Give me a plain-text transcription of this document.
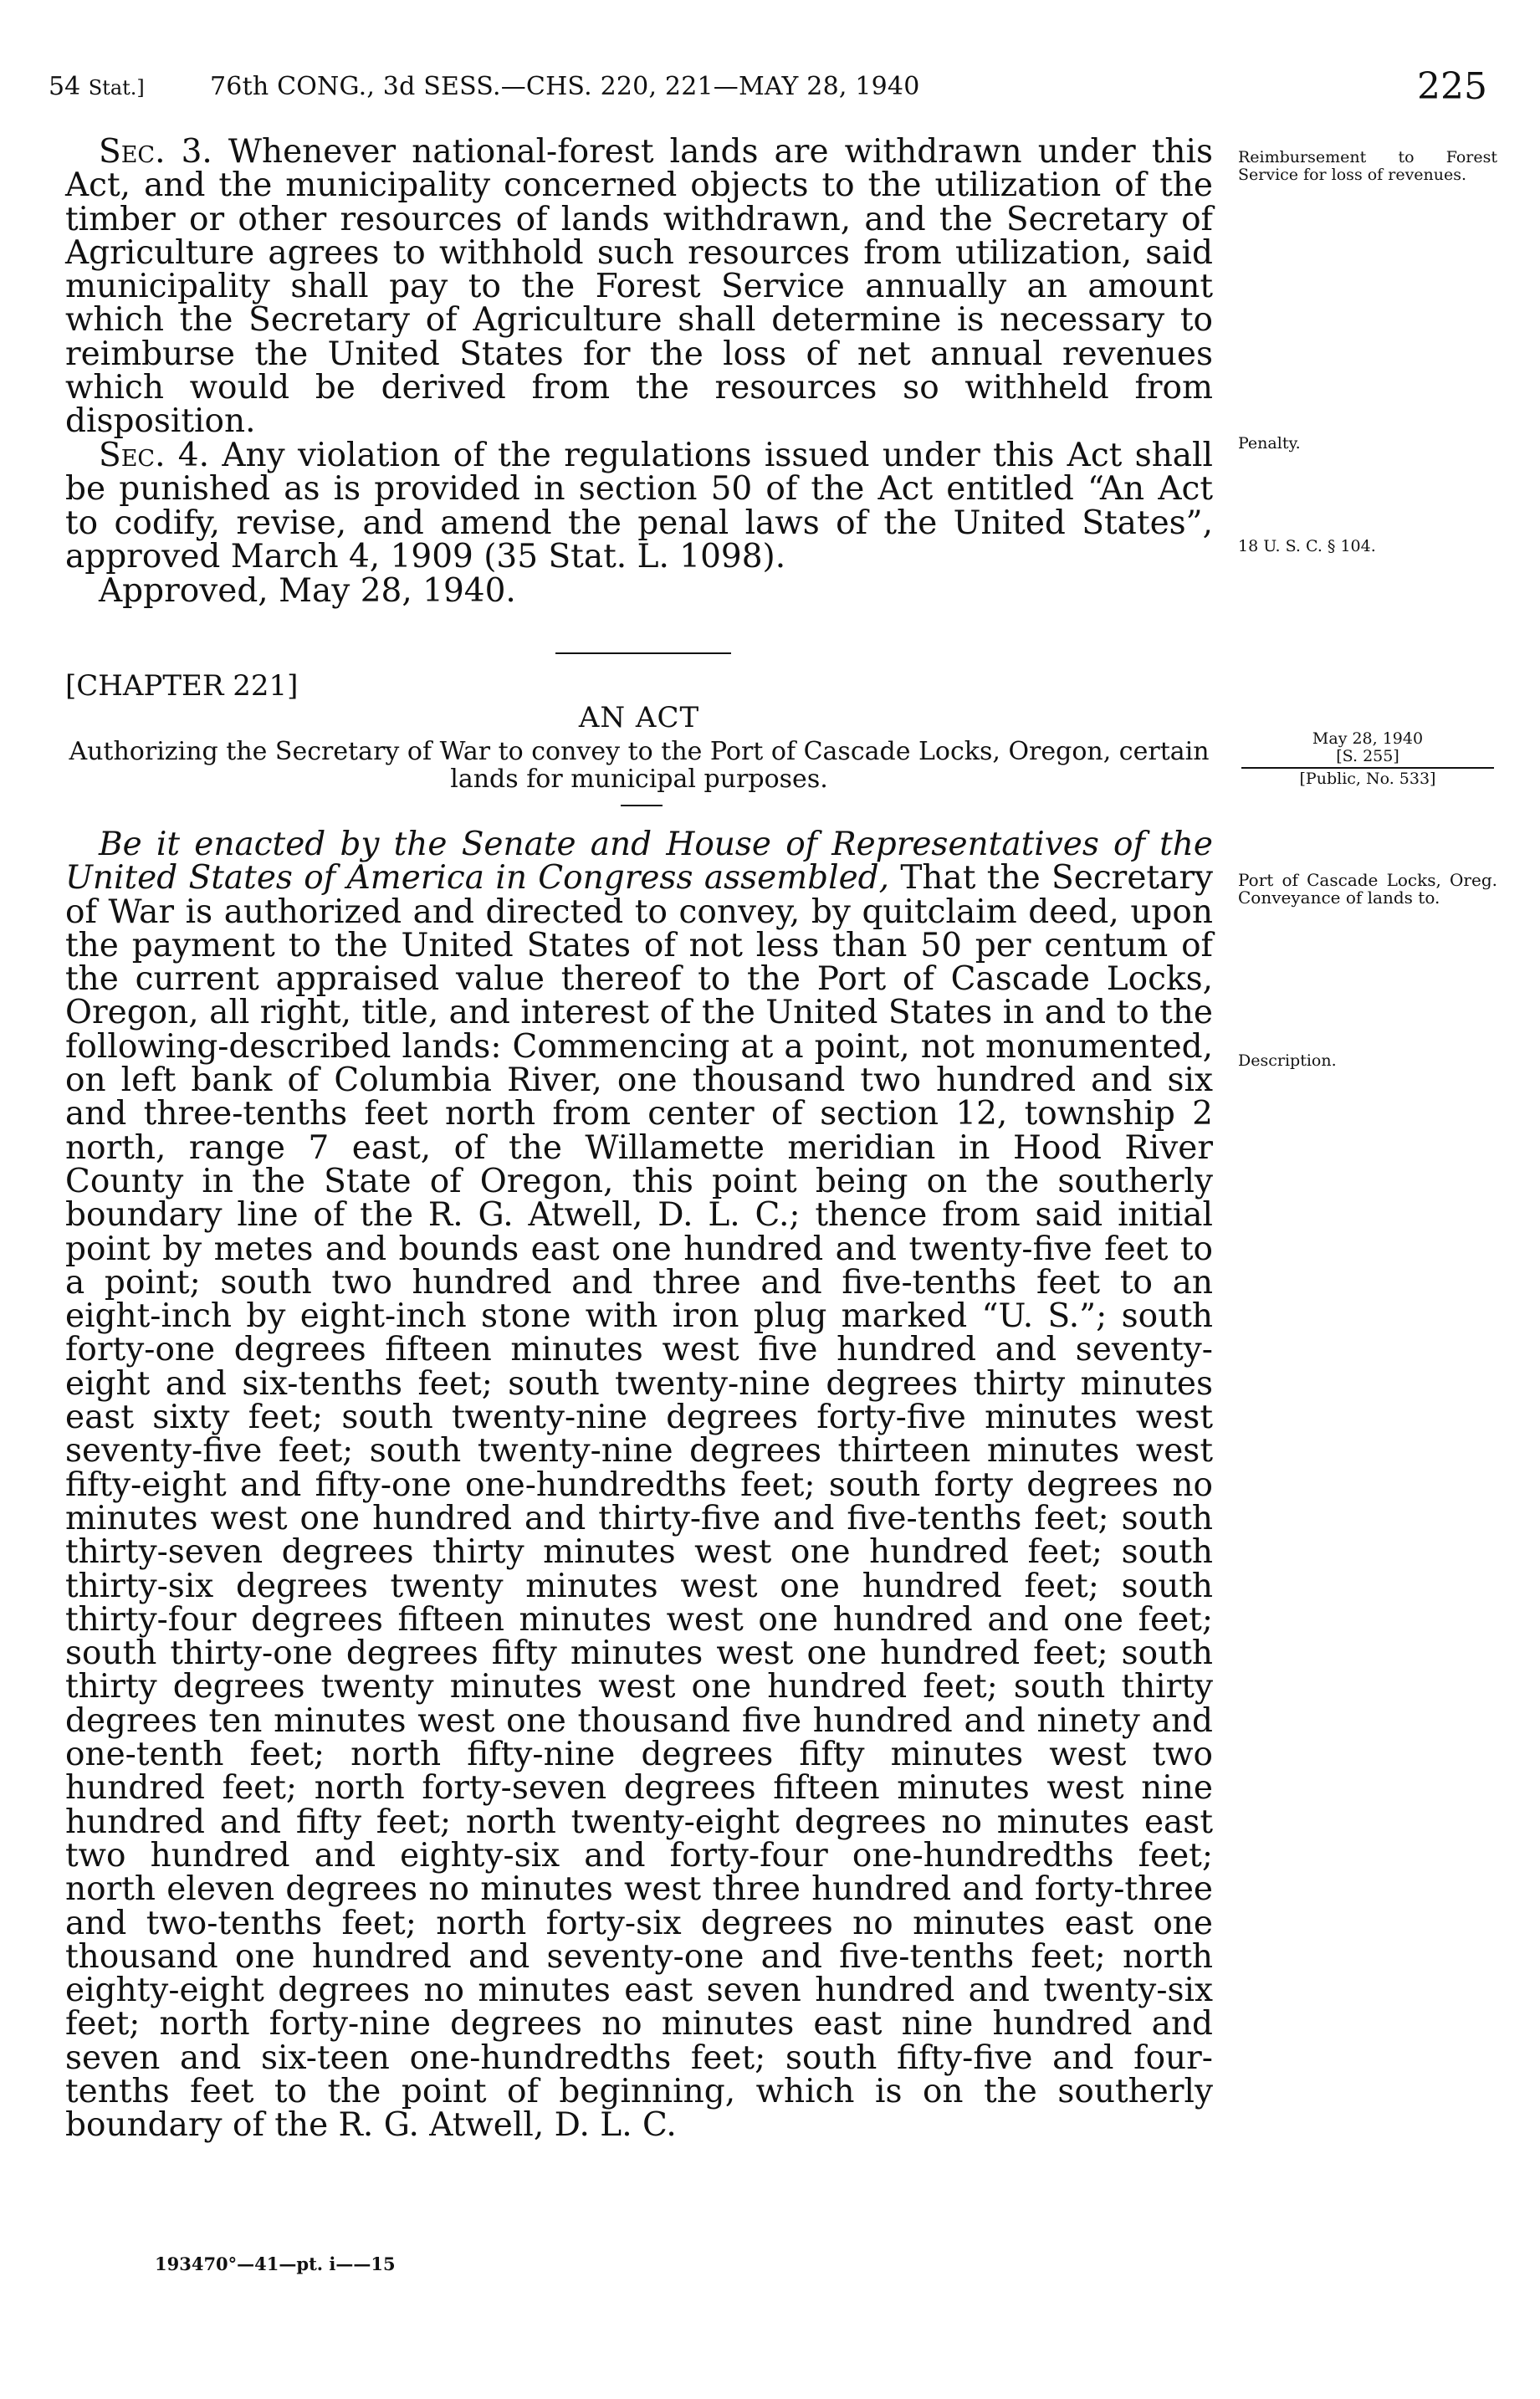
54 Stat.]	76th CONG., 3d SESS.—CHS. 220, 221—MAY 28, 1940	225

Sec. 3. Whenever national-forest lands are withdrawn under this Act, and the municipality concerned objects to the utilization of the timber or other resources of lands withdrawn, and the Secretary of Agriculture agrees to withhold such resources from utilization, said municipality shall pay to the Forest Service annually an amount which the Secretary of Agriculture shall determine is necessary to reimburse the United States for the loss of net annual revenues which would be derived from the resources so withheld from disposition.

Sec. 4. Any violation of the regulations issued under this Act shall be punished as is provided in section 50 of the Act entitled “An Act to codify, revise, and amend the penal laws of the United States”, approved March 4, 1909 (35 Stat. L. 1098).

Approved, May 28, 1940.

[CHAPTER 221]
AN ACT
Authorizing the Secretary of War to convey to the Port of Cascade Locks, Oregon, certain lands for municipal purposes.

Be it enacted by the Senate and House of Representatives of the United States of America in Congress assembled, That the Secretary of War is authorized and directed to convey, by quitclaim deed, upon the payment to the United States of not less than 50 per centum of the current appraised value thereof to the Port of Cascade Locks, Oregon, all right, title, and interest of the United States in and to the following-described lands: Commencing at a point, not monumented, on left bank of Columbia River, one thousand two hundred and six and three-tenths feet north from center of section 12, township 2 north, range 7 east, of the Willamette meridian in Hood River County in the State of Oregon, this point being on the southerly boundary line of the R. G. Atwell, D. L. C.; thence from said initial point by metes and bounds east one hundred and twenty-five feet to a point; south two hundred and three and five-tenths feet to an eight-inch by eight-inch stone with iron plug marked “U. S.”; south forty-one degrees fifteen minutes west five hundred and seventy-eight and six-tenths feet; south twenty-nine degrees thirty minutes east sixty feet; south twenty-nine degrees forty-five minutes west seventy-five feet; south twenty-nine degrees thirteen minutes west fifty-eight and fifty-one one-hundredths feet; south forty degrees no minutes west one hundred and thirty-five and five-tenths feet; south thirty-seven degrees thirty minutes west one hundred feet; south thirty-six degrees twenty minutes west one hundred feet; south thirty-four degrees fifteen minutes west one hundred and one feet; south thirty-one degrees fifty minutes west one hundred feet; south thirty degrees twenty minutes west one hundred feet; south thirty degrees ten minutes west one thousand five hundred and ninety and one-tenth feet; north fifty-nine degrees fifty minutes west two hundred feet; north forty-seven degrees fifteen minutes west nine hundred and fifty feet; north twenty-eight degrees no minutes east two hundred and eighty-six and forty-four one-hundredths feet; north eleven degrees no minutes west three hundred and forty-three and two-tenths feet; north forty-six degrees no minutes east one thousand one hundred and seventy-one and five-tenths feet; north eighty-eight degrees no minutes east seven hundred and twenty-six feet; north forty-nine degrees no minutes east nine hundred and seven and six-teen one-hundredths feet; south fifty-five and four-tenths feet to the point of beginning, which is on the southerly boundary of the R. G. Atwell, D. L. C.

Reimbursement to Forest Service for loss of revenues.
Penalty.
18 U. S. C. § 104.
May 28, 1940
[S. 255]
[Public, No. 533]
Port of Cascade Locks, Oreg. Conveyance of lands to.
Description.
193470°—41—pt. i——15
